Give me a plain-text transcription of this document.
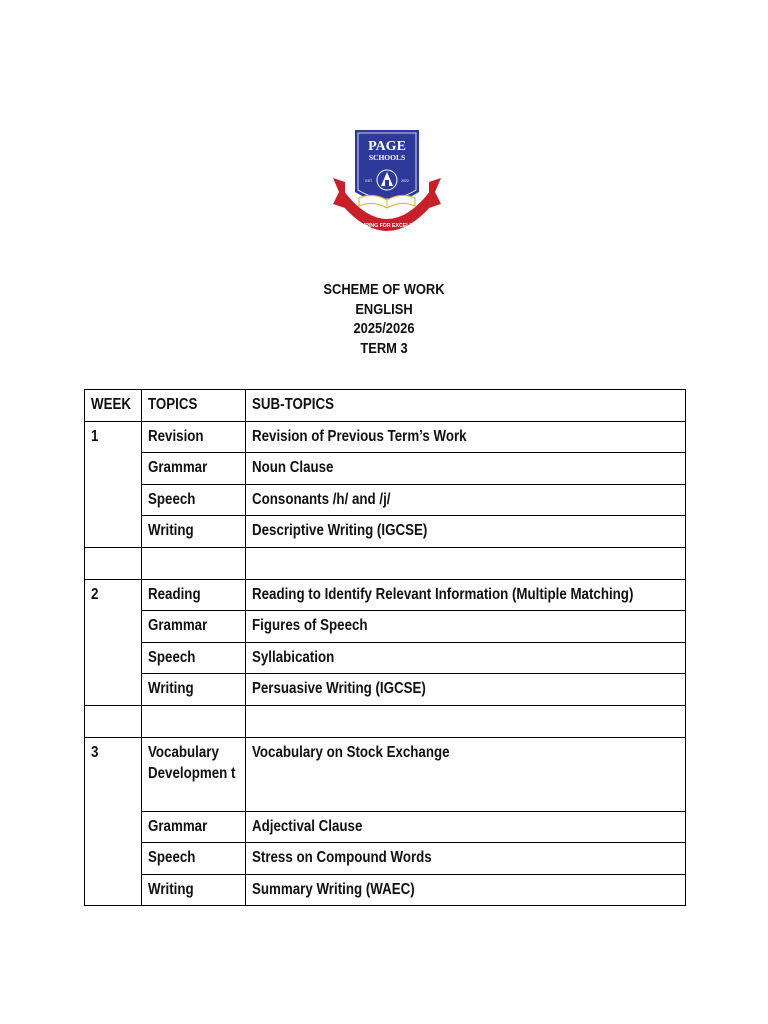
NURTURING FOR EXCELLENCE
PAGE
SCHOOLS
EST.	2022
SCHEME OF WORK
ENGLISH
2025/2026
TERM 3
WEEK	TOPICS	SUB-TOPICS
1	Revision	Revision of Previous Term’s Work
	Grammar	Noun Clause
	Speech	Consonants /h/ and /j/
	Writing	Descriptive Writing (IGCSE)

2	Reading	Reading to Identify Relevant Information (Multiple Matching)
	Grammar	Figures of Speech
	Speech	Syllabication
	Writing	Persuasive Writing (IGCSE)

3	Vocabulary Developmen t	Vocabulary on Stock Exchange
	Grammar	Adjectival Clause
	Speech	Stress on Compound Words
	Writing	Summary Writing (WAEC)
